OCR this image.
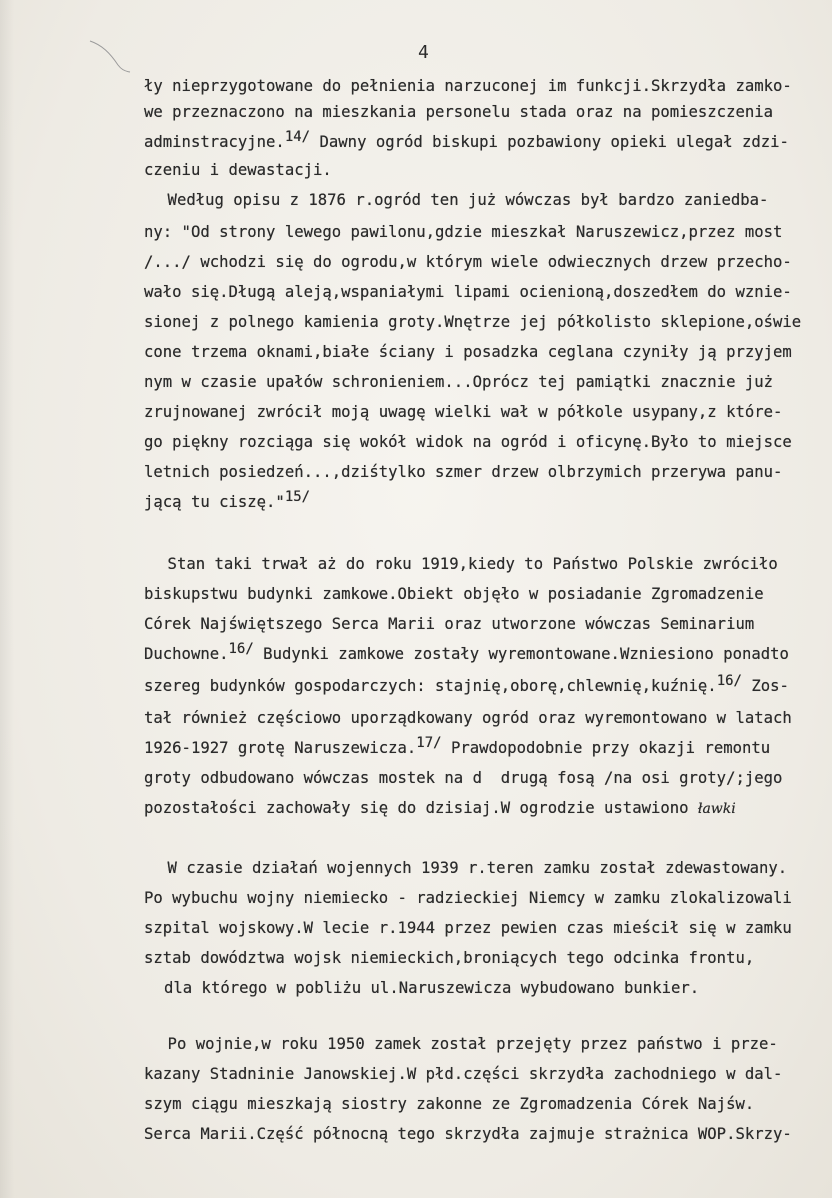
4
ły nieprzygotowane do pełnienia narzuconej im funkcji.Skrzydła zamko-
we przeznaczono na mieszkania personelu stada oraz na pomieszczenia
adminstracyjne.$^{14/}$ Dawny ogród biskupi pozbawiony opieki ulegał zdzi-
czeniu i dewastacji.
Według opisu z 1876 r.ogród ten już wówczas był bardzo zaniedba-
ny: "Od strony lewego pawilonu,gdzie mieszkał Naruszewicz,przez most
/.../ wchodzi się do ogrodu,w którym wiele odwiecznych drzew przecho-
wało się.Długą aleją,wspaniałymi lipami ocienioną,doszedłem do wznie-
sionej z polnego kamienia groty.Wnętrze jej półkolisto sklepione,oświe
cone trzema oknami,białe ściany i posadzka ceglana czyniły ją przyjem
nym w czasie upałów schronieniem...Oprócz tej pamiątki znacznie już
zrujnowanej zwrócił moją uwagę wielki wał w półkole usypany,z które-
go piękny rozciąga się wokół widok na ogród i oficynę.Było to miejsce
letnich posiedzeń...,dziśtylko szmer drzew olbrzymich przerywa panu-
jącą tu ciszę."$^{15/}$
Stan taki trwał aż do roku 1919,kiedy to Państwo Polskie zwróciło
biskupstwu budynki zamkowe.Obiekt objęło w posiadanie Zgromadzenie
Córek Najświętszego Serca Marii oraz utworzone wówczas Seminarium
Duchowne.$^{16/}$ Budynki zamkowe zostały wyremontowane.Wzniesiono ponadto
szereg budynków gospodarczych: stajnię,oborę,chlewnię,kuźnię.$^{16/}$ Zos-
tał również częściowo uporządkowany ogród oraz wyremontowano w latach
1926-1927 grotę Naruszewicza.$^{17/}$ Prawdopodobnie przy okazji remontu
groty odbudowano wówczas mostek na d  drugą fosą /na osi groty/;jego
pozostałości zachowały się do dzisiaj.W ogrodzie ustawiono ławki
W czasie działań wojennych 1939 r.teren zamku został zdewastowany.
Po wybuchu wojny niemiecko - radzieckiej Niemcy w zamku zlokalizowali
szpital wojskowy.W lecie r.1944 przez pewien czas mieścił się w zamku
sztab dowództwa wojsk niemieckich,broniących tego odcinka frontu,
dla którego w pobliżu ul.Naruszewicza wybudowano bunkier.
Po wojnie,w roku 1950 zamek został przejęty przez państwo i prze-
kazany Stadninie Janowskiej.W płd.części skrzydła zachodniego w dal-
szym ciągu mieszkają siostry zakonne ze Zgromadzenia Córek Najśw.
Serca Marii.Część północną tego skrzydła zajmuje strażnica WOP.Skrzy-
